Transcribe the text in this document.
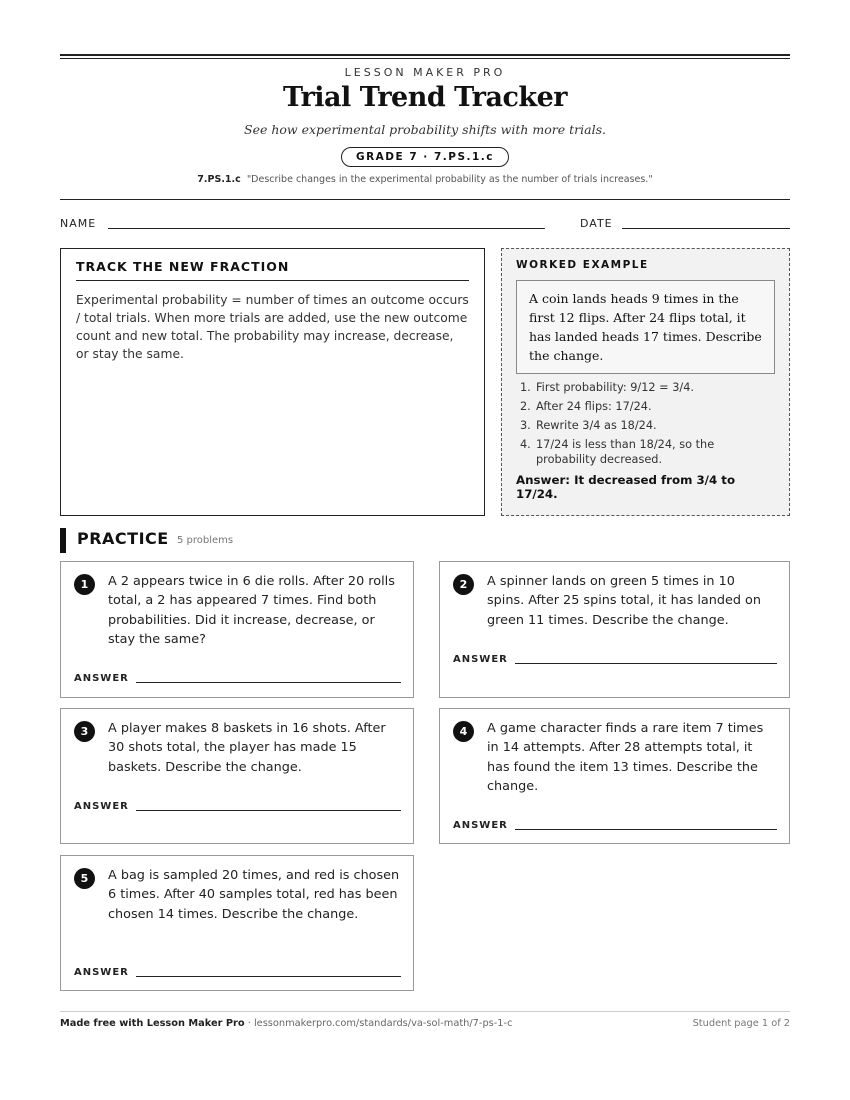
LESSON MAKER PRO
Trial Trend Tracker
See how experimental probability shifts with more trials.
GRADE 7 · 7.PS.1.c
7.PS.1.c "Describe changes in the experimental probability as the number of trials increases."
NAME	DATE
TRACK THE NEW FRACTION
Experimental probability = number of times an outcome occurs / total trials. When more trials are added, use the new outcome count and new total. The probability may increase, decrease, or stay the same.
WORKED EXAMPLE
A coin lands heads 9 times in the first 12 flips. After 24 flips total, it has landed heads 17 times. Describe the change.
1. First probability: 9/12 = 3/4.
2. After 24 flips: 17/24.
3. Rewrite 3/4 as 18/24.
4. 17/24 is less than 18/24, so the probability decreased.
Answer: It decreased from 3/4 to 17/24.
PRACTICE 5 problems
1	A 2 appears twice in 6 die rolls. After 20 rolls total, a 2 has appeared 7 times. Find both probabilities. Did it increase, decrease, or stay the same?
ANSWER
2	A spinner lands on green 5 times in 10 spins. After 25 spins total, it has landed on green 11 times. Describe the change.
ANSWER
3	A player makes 8 baskets in 16 shots. After 30 shots total, the player has made 15 baskets. Describe the change.
ANSWER
4	A game character finds a rare item 7 times in 14 attempts. After 28 attempts total, it has found the item 13 times. Describe the change.
ANSWER
5	A bag is sampled 20 times, and red is chosen 6 times. After 40 samples total, red has been chosen 14 times. Describe the change.
ANSWER
Made free with Lesson Maker Pro · lessonmakerpro.com/standards/va-sol-math/7-ps-1-c	Student page 1 of 2
